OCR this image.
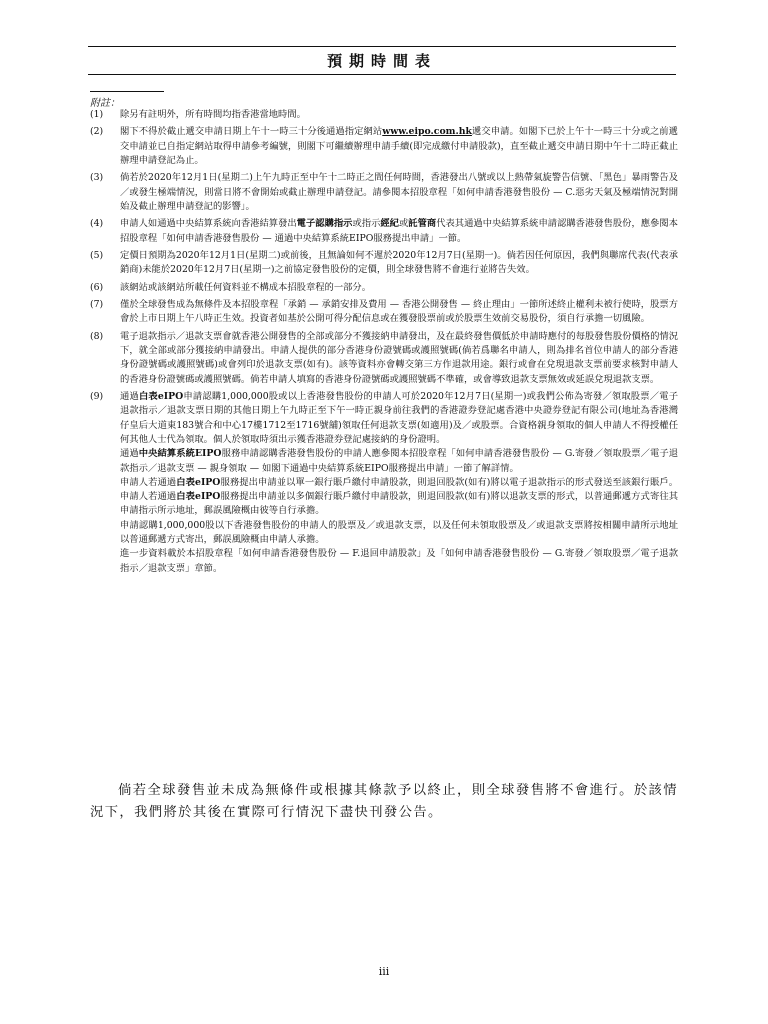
預期時間表
附註：
(1)	除另有註明外，所有時間均指香港當地時間。

(2)	閣下不得於截止遞交申請日期上午十一時三十分後通過指定網站www.eipo.com.hk遞交申請。如閣下已於上午十一時三十分或之前遞交申請並已自指定網站取得申請參考編號，則閣下可繼續辦理申請手續(即完成繳付申請股款)，直至截止遞交申請日期中午十二時正截止辦理申請登記為止。

(3)	倘若於2020年12月1日(星期二)上午九時正至中午十二時正之間任何時間，香港發出八號或以上熱帶氣旋警告信號、「黑色」暴雨警告及／或發生極端情況，則當日將不會開始或截止辦理申請登記。請參閱本招股章程「如何申請香港發售股份 — C.惡劣天氣及極端情況對開始及截止辦理申請登記的影響」。

(4)	申請人如通過中央結算系統向香港結算發出電子認購指示或指示經紀或託管商代表其通過中央結算系統申請認購香港發售股份，應參閱本招股章程「如何申請香港發售股份 — 通過中央結算系統EIPO服務提出申請」一節。

(5)	定價日預期為2020年12月1日(星期二)或前後，且無論如何不遲於2020年12月7日(星期一)。倘若因任何原因，我們與聯席代表(代表承銷商)未能於2020年12月7日(星期一)之前協定發售股份的定價，則全球發售將不會進行並將告失效。

(6)	該網站或該網站所載任何資料並不構成本招股章程的一部分。

(7)	僅於全球發售成為無條件及本招股章程「承銷 — 承銷安排及費用 — 香港公開發售 — 終止理由」一節所述終止權利未被行使時，股票方會於上市日期上午八時正生效。投資者如基於公開可得分配信息或在獲發股票前或於股票生效前交易股份，須自行承擔一切風險。

(8)	電子退款指示／退款支票會就香港公開發售的全部或部分不獲接納申請發出，及在最終發售價低於申請時應付的每股發售股份價格的情況下，就全部或部分獲接納申請發出。申請人提供的部分香港身份證號碼或護照號碼(倘若爲聯名申請人，則為排名首位申請人的部分香港身份證號碼或護照號碼)或會列印於退款支票(如有)。該等資料亦會轉交第三方作退款用途。銀行或會在兌現退款支票前要求核對申請人的香港身份證號碼或護照號碼。倘若申請人填寫的香港身份證號碼或護照號碼不準確，或會導致退款支票無效或延誤兌現退款支票。

(9)	通過白表eIPO申請認購1,000,000股或以上香港發售股份的申請人可於2020年12月7日(星期一)或我們公佈為寄發／領取股票／電子退款指示／退款支票日期的其他日期上午九時正至下午一時正親身前往我們的香港證券登記處香港中央證券登記有限公司(地址為香港灣仔皇后大道東183號合和中心17樓1712至1716號舖)領取任何退款支票(如適用)及／或股票。合資格親身領取的個人申請人不得授權任何其他人士代為領取。個人於領取時須出示獲香港證券登記處接納的身份證明。

通過中央結算系統EIPO服務申請認購香港發售股份的申請人應參閱本招股章程「如何申請香港發售股份 — G.寄發／領取股票／電子退款指示／退款支票 — 親身領取 — 如閣下通過中央結算系統EIPO服務提出申請」一節了解詳情。

申請人若通過白表eIPO服務提出申請並以單一銀行賬戶繳付申請股款，則退回股款(如有)將以電子退款指示的形式發送至該銀行賬戶。申請人若通過白表eIPO服務提出申請並以多個銀行賬戶繳付申請股款，則退回股款(如有)將以退款支票的形式，以普通郵遞方式寄往其申請指示所示地址，郵誤風險概由彼等自行承擔。

申請認購1,000,000股以下香港發售股份的申請人的股票及／或退款支票，以及任何未領取股票及／或退款支票將按相關申請所示地址以普通郵遞方式寄出，郵誤風險概由申請人承擔。

進一步資料載於本招股章程「如何申請香港發售股份 — F.退回申請股款」及「如何申請香港發售股份 — G.寄發／領取股票／電子退款指示／退款支票」章節。

倘若全球發售並未成為無條件或根據其條款予以終止，則全球發售將不會進行。於該情況下，我們將於其後在實際可行情況下盡快刊發公告。
iii
